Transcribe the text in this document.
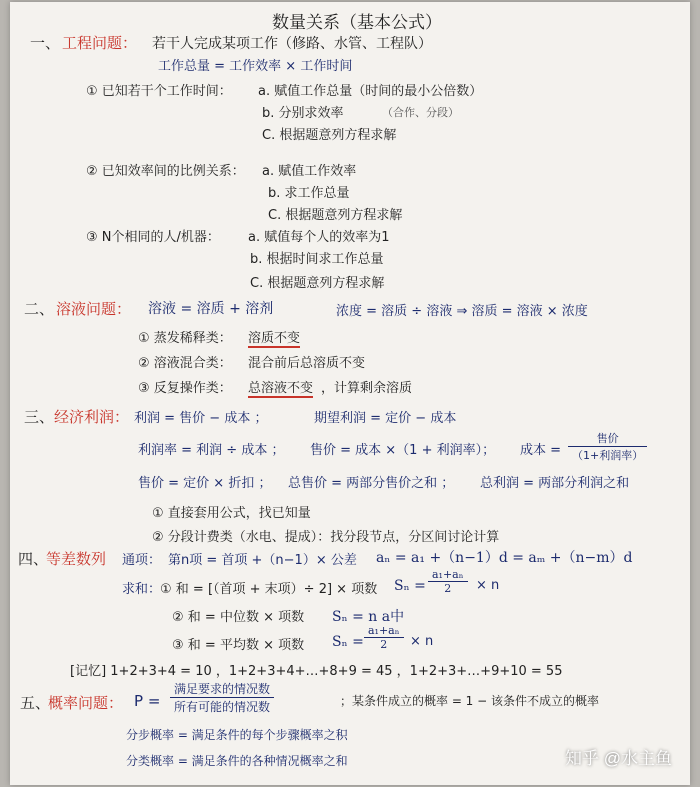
数量关系（基本公式）
一、 工程问题： 若干人完成某项工作（修路、水管、工程队）
工作总量 = 工作效率 × 工作时间
① 已知若干个工作时间： a. 赋值工作总量（时间的最小公倍数）
b. 分别求效率	（合作、分段）
C. 根据题意列方程求解
② 已知效率间的比例关系： a. 赋值工作效率
b. 求工作总量
C. 根据题意列方程求解
③ N个相同的人/机器： a. 赋值每个人的效率为1
b. 根据时间求工作总量
C. 根据题意列方程求解
二、 溶液问题： 溶液 = 溶质 + 溶剂	浓度 = 溶质 ÷ 溶液 ⇒ 溶质 = 溶液 × 浓度
① 蒸发稀释类： 溶质不变
② 溶液混合类： 混合前后总溶质不变
③ 反复操作类： 总溶液不变 ，计算剩余溶质
三、 经济利润： 利润 = 售价 − 成本 ；	期望利润 = 定价 − 成本
利润率 = 利润 ÷ 成本 ； 售价 = 成本 ×（1 + 利润率）； 成本 =
售价
（1+利润率）
售价 = 定价 × 折扣 ； 总售价 = 两部分售价之和 ； 总利润 = 两部分利润之和
① 直接套用公式，找已知量
② 分段计费类（水电、提成）：找分段节点，分区间讨论计算
四、
等差数列 通项： 第n项 = 首项 +（n−1）× 公差 aₙ = a₁ +（n−1）d = aₘ +（n−m）d
求和：
① 和 = [（首项 + 末项）÷ 2] × 项数 $S_n = \frac{\text{a₁+aₙ}}{2} \times n$
② 和 = 中位数 × 项数 Sₙ = n a中
③ 和 = 平均数 × 项数 $S_n = \frac{\text{a₁+aₙ}}{2} \times n$
[记忆] 1+2+3+4 = 10 ，1+2+3+4+…+8+9 = 45 ，1+2+3+…+9+10 = 55
五、
概率问题： P =
满足要求的情况数
所有可能的情况数	；某条件成立的概率 = 1 − 该条件不成立的概率
分步概率 = 满足条件的每个步骤概率之积
分类概率 = 满足条件的各种情况概率之和	知乎 @水主鱼
